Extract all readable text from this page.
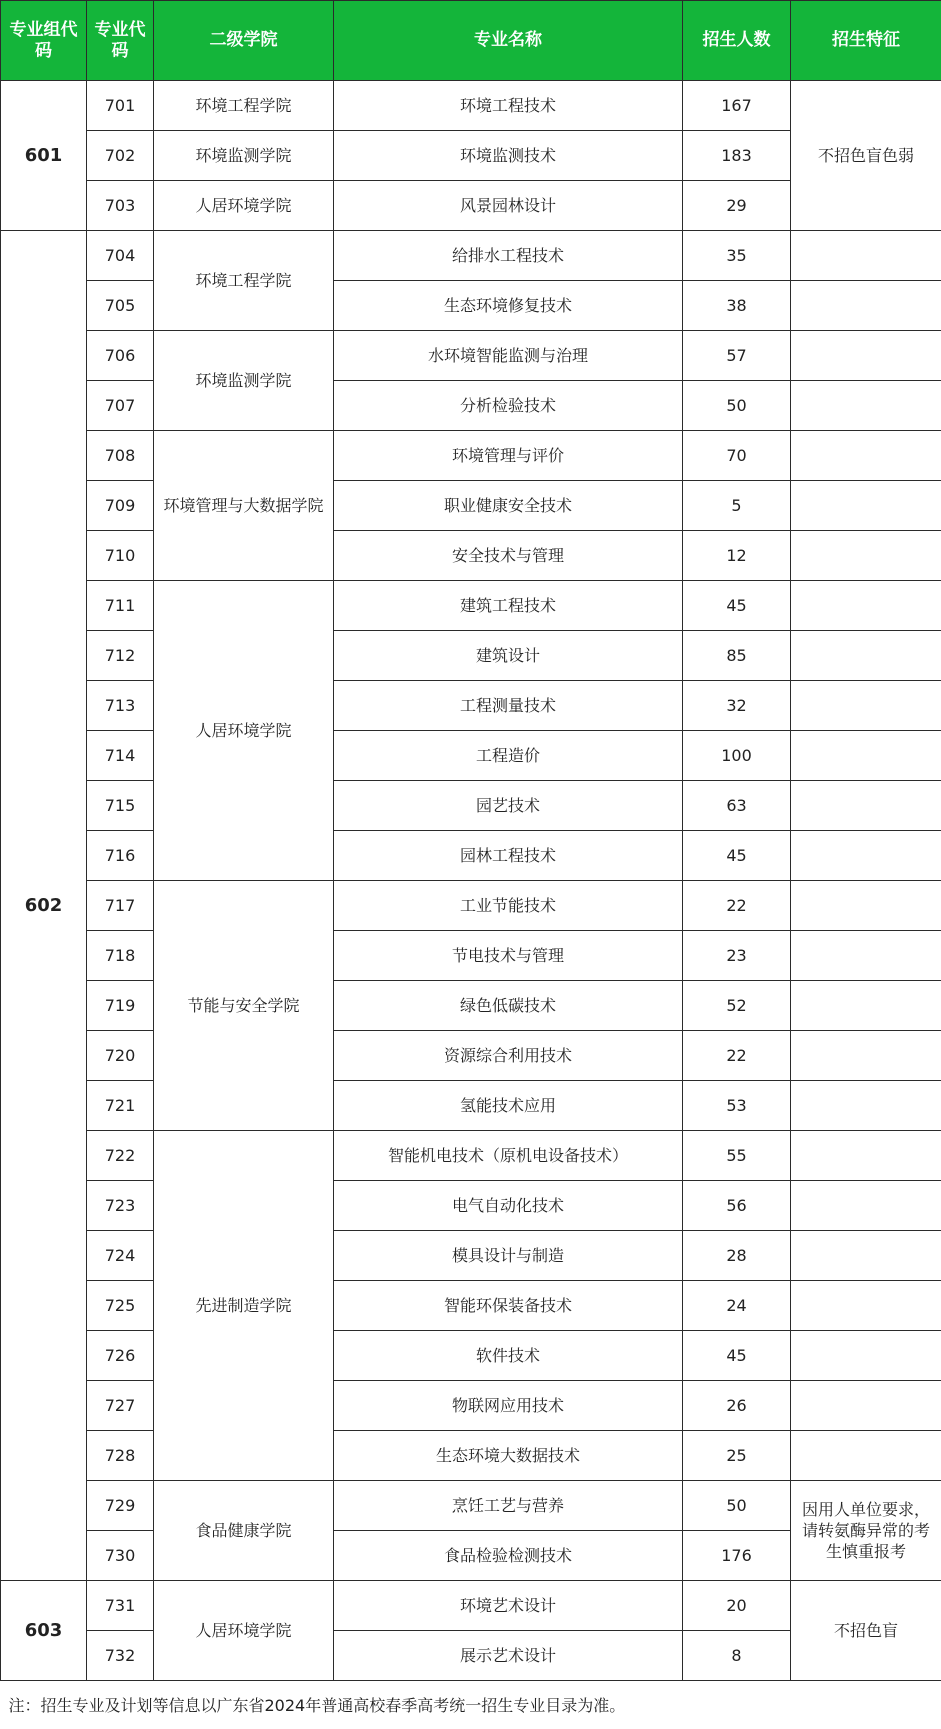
专业组代码	专业代码	二级学院	专业名称	招生人数	招生特征
601	701	环境工程学院	环境工程技术	167	不招色盲色弱
	702	环境监测学院	环境监测技术	183	
	703	人居环境学院	风景园林设计	29	
602	704	环境工程学院	给排水工程技术	35	
	705		生态环境修复技术	38	
	706	环境监测学院	水环境智能监测与治理	57	
	707		分析检验技术	50	
	708	环境管理与大数据学院	环境管理与评价	70	
	709		职业健康安全技术	5	
	710		安全技术与管理	12	
	711	人居环境学院	建筑工程技术	45	
	712		建筑设计	85	
	713		工程测量技术	32	
	714		工程造价	100	
	715		园艺技术	63	
	716		园林工程技术	45	
	717	节能与安全学院	工业节能技术	22	
	718		节电技术与管理	23	
	719		绿色低碳技术	52	
	720		资源综合利用技术	22	
	721		氢能技术应用	53	
	722	先进制造学院	智能机电技术（原机电设备技术）	55	
	723		电气自动化技术	56	
	724		模具设计与制造	28	
	725		智能环保装备技术	24	
	726		软件技术	45	
	727		物联网应用技术	26	
	728		生态环境大数据技术	25	
	729	食品健康学院	烹饪工艺与营养	50	因用人单位要求，请转氨酶异常的考生慎重报考
	730		食品检验检测技术	176	
603	731	人居环境学院	环境艺术设计	20	不招色盲
	732		展示艺术设计	8	
注：招生专业及计划等信息以广东省2024年普通高校春季高考统一招生专业目录为准。					
